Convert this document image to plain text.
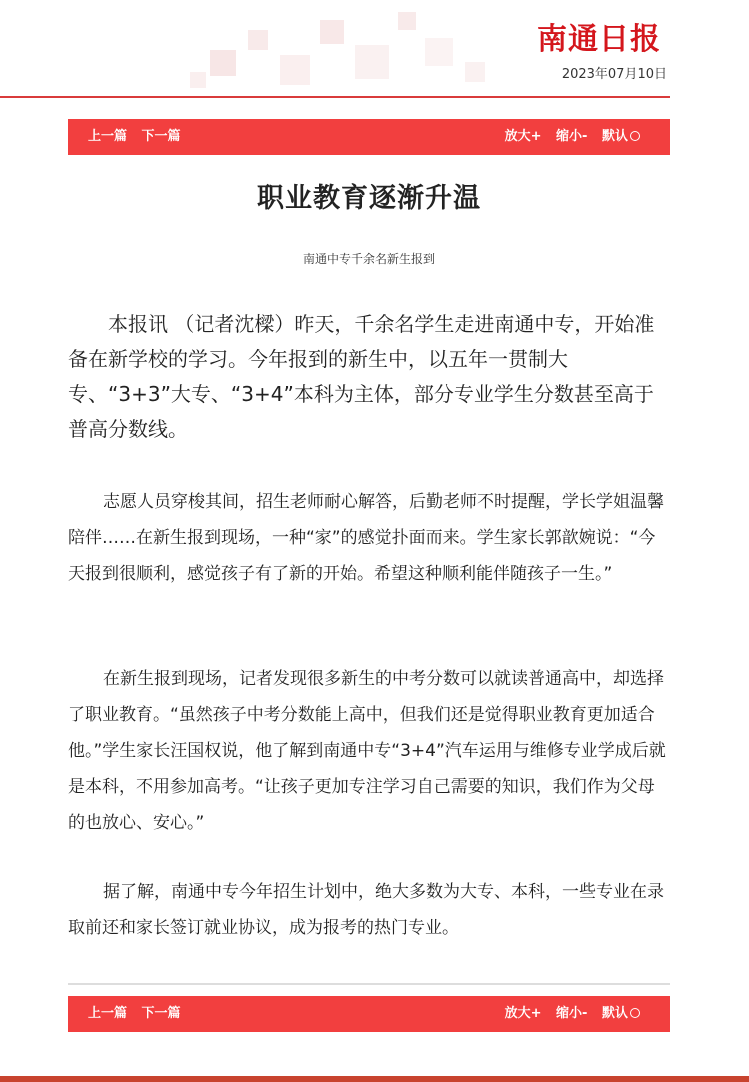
南通日报
2023年07月10日
上一篇 下一篇	放大+ 缩小- 默认
职业教育逐渐升温
南通中专千余名新生报到

本报讯 （记者沈樑）昨天，千余名学生走进南通中专，开始准备在新学校的学习。今年报到的新生中，以五年一贯制大专、“3+3”大专、“3+4”本科为主体，部分专业学生分数甚至高于普高分数线。

志愿人员穿梭其间，招生老师耐心解答，后勤老师不时提醒，学长学姐温馨陪伴……在新生报到现场，一种“家”的感觉扑面而来。学生家长郭歆婉说：“今天报到很顺利，感觉孩子有了新的开始。希望这种顺利能伴随孩子一生。”

在新生报到现场，记者发现很多新生的中考分数可以就读普通高中，却选择了职业教育。“虽然孩子中考分数能上高中，但我们还是觉得职业教育更加适合他。”学生家长汪国权说，他了解到南通中专“3+4”汽车运用与维修专业学成后就是本科，不用参加高考。“让孩子更加专注学习自己需要的知识，我们作为父母的也放心、安心。”

据了解，南通中专今年招生计划中，绝大多数为大专、本科，一些专业在录取前还和家长签订就业协议，成为报考的热门专业。

上一篇 下一篇	放大+ 缩小- 默认
